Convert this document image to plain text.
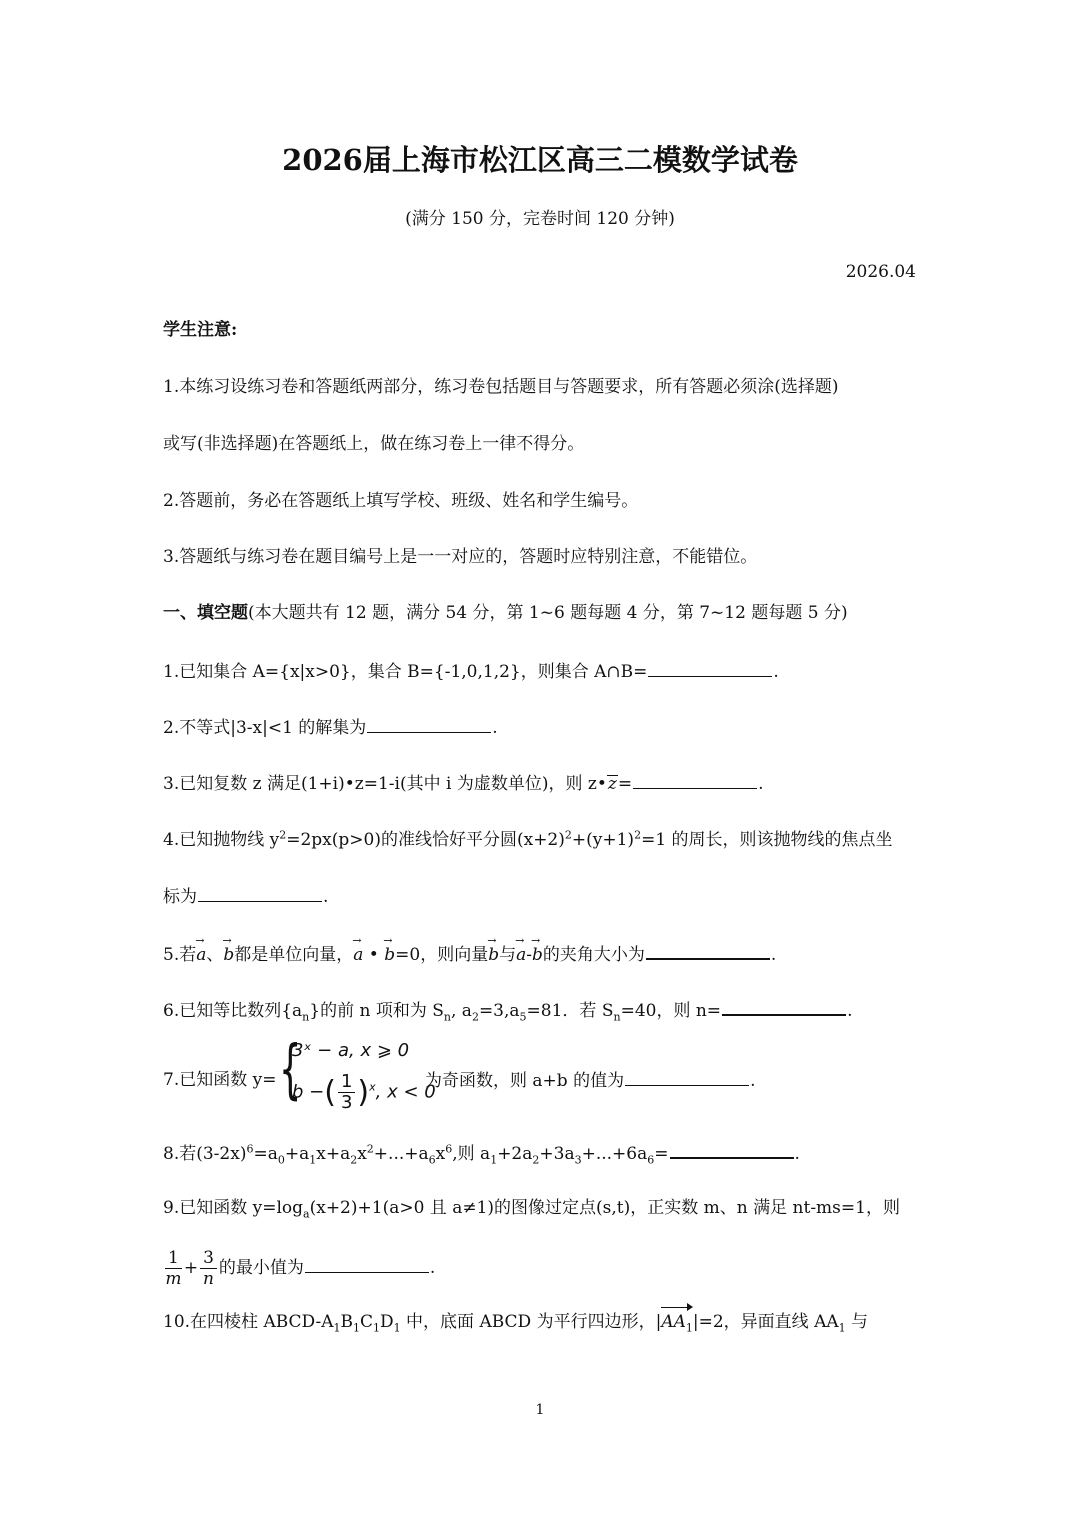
2026届上海市松江区高三二模数学试卷
(满分 150 分，完卷时间 120 分钟)
2026.04
学生注意:
1.本练习设练习卷和答题纸两部分，练习卷包括题目与答题要求，所有答题必须涂(选择题)
或写(非选择题)在答题纸上，做在练习卷上一律不得分。
2.答题前，务必在答题纸上填写学校、班级、姓名和学生编号。
3.答题纸与练习卷在题目编号上是一一对应的，答题时应特别注意，不能错位。
一、填空题(本大题共有 12 题，满分 54 分，第 1~6 题每题 4 分，第 7~12 题每题 5 分)
1.已知集合 A={x|x>0}，集合 B={-1,0,1,2}，则集合 A∩B=	.
2.不等式|3-x|<1 的解集为	.
3.已知复数 z 满足(1+i)•z=1-i(其中 i 为虚数单位)，则 z•z=	.
4.已知抛物线 $y^2=2px(p>0)$的准线恰好平分圆$(x+2)^2+(y+1)^2=1$ 的周长，则该抛物线的焦点坐
标为	.
5.若→ a、→ b都是单位向量，→ a • → b=0，则向量→ b与→ a-→ b的夹角大小为	.
6.已知等比数列$\{a_n\}$的前 n 项和为 $S_n$, $a_2=3,a_5=81$．若 $S_n=40$，则 n=	.
7.已知函数 y= {
3ˣ − a, x ⩾ 0
b −( $\frac{1}{3} )^x$, x < 0
为奇函数，则 a+b 的值为	.
8.若$(3-2x)^6=a_0+a_1x+a_2x^2+...+a_6x^6$,则 $a_1+2a_2+3a_3+...+6a_6=$	.
9.已知函数 $y=\log_a(x+2)+1(a>0$ 且 a≠1)的图像过定点(s,t)，正实数 m、n 满足 nt-ms=1，则
$\frac{1}{m} + \frac{3}{n}$ 的最小值为	.
10.在四棱柱 ABCD-$A_1B_1C_1D_1$ 中，底面 ABCD 为平行四边形，$|AA_1|=2$，异面直线 $AA_1$ 与
1
